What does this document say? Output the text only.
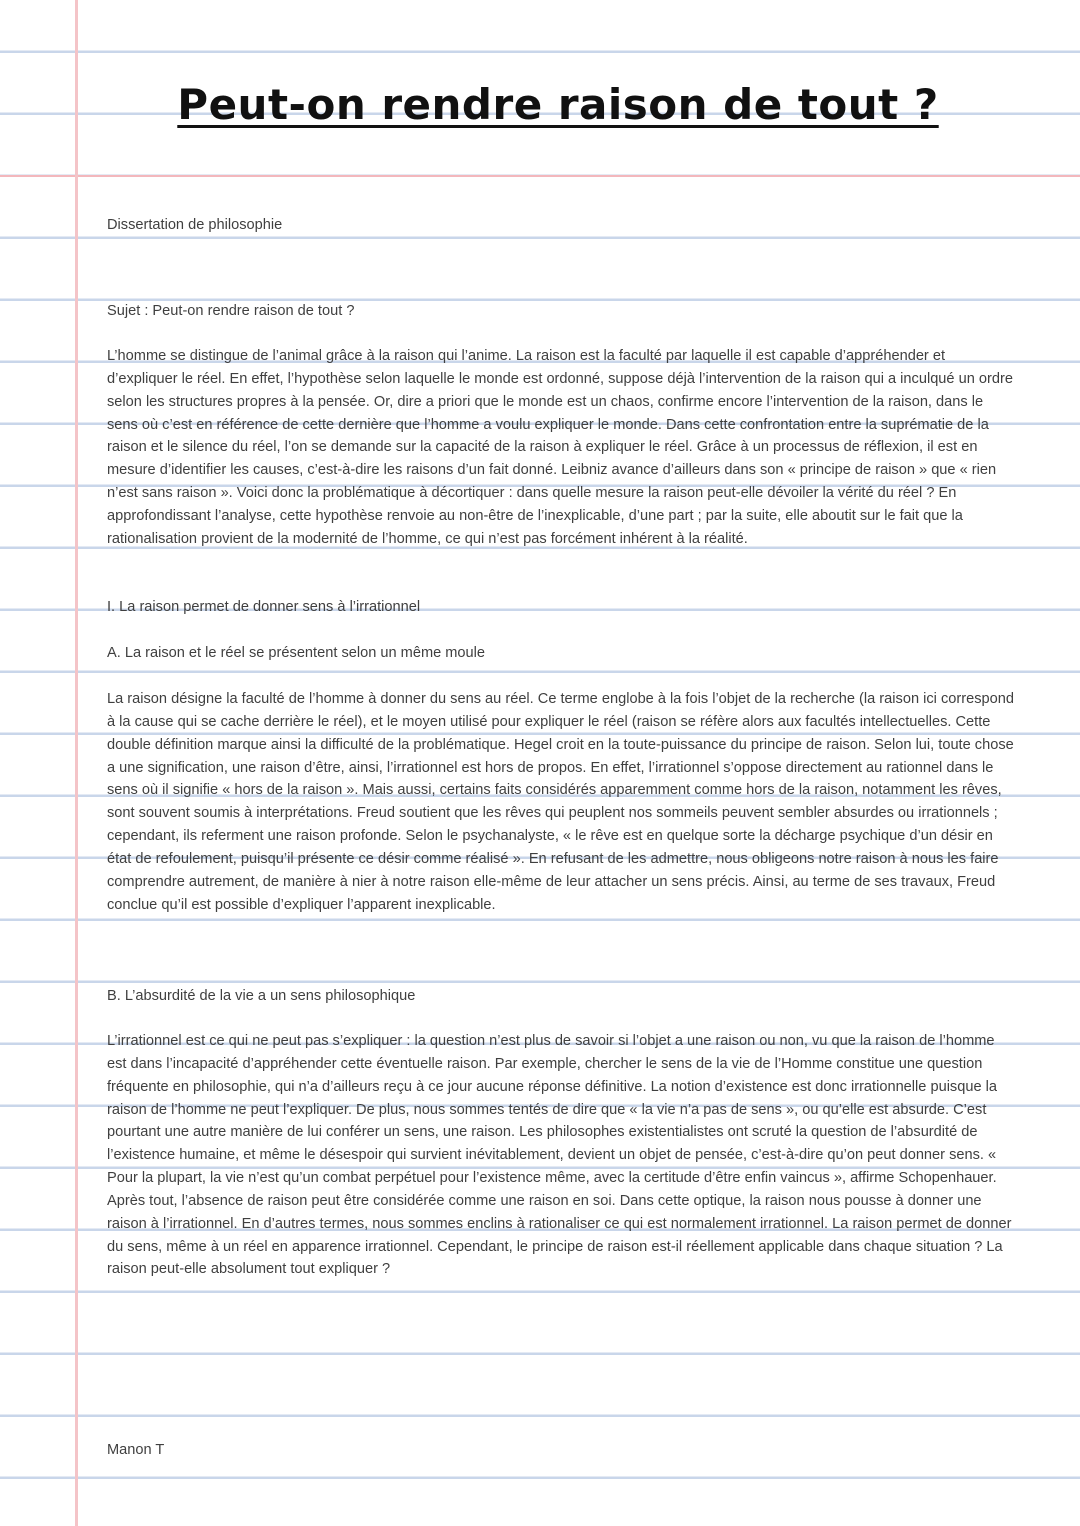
Peut-on rendre raison de tout ?

Dissertation de philosophie

Sujet : Peut-on rendre raison de tout ?

L’homme se distingue de l’animal grâce à la raison qui l’anime. La raison est la faculté par laquelle il est capable d’appréhender et d’expliquer le réel. En effet, l’hypothèse selon laquelle le monde est ordonné, suppose déjà l’intervention de la raison qui a inculqué un ordre selon les structures propres à la pensée. Or, dire a priori que le monde est un chaos, confirme encore l’intervention de la raison, dans le sens où c’est en référence de cette dernière que l’homme a voulu expliquer le monde. Dans cette confrontation entre la suprématie de la raison et le silence du réel, l’on se demande sur la capacité de la raison à expliquer le réel. Grâce à un processus de réflexion, il est en mesure d’identifier les causes, c’est-à-dire les raisons d’un fait donné. Leibniz avance d’ailleurs dans son « principe de raison » que « rien n’est sans raison ». Voici donc la problématique à décortiquer : dans quelle mesure la raison peut-elle dévoiler la vérité du réel ? En approfondissant l’analyse, cette hypothèse renvoie au non-être de l’inexplicable, d’une part ; par la suite, elle aboutit sur le fait que la rationalisation provient de la modernité de l’homme, ce qui n’est pas forcément inhérent à la réalité.

I. La raison permet de donner sens à l’irrationnel

A. La raison et le réel se présentent selon un même moule

La raison désigne la faculté de l’homme à donner du sens au réel. Ce terme englobe à la fois l’objet de la recherche (la raison ici correspond à la cause qui se cache derrière le réel), et le moyen utilisé pour expliquer le réel (raison se réfère alors aux facultés intellectuelles. Cette double définition marque ainsi la difficulté de la problématique. Hegel croit en la toute-puissance du principe de raison. Selon lui, toute chose a une signification, une raison d’être, ainsi, l’irrationnel est hors de propos. En effet, l’irrationnel s’oppose directement au rationnel dans le sens où il signifie « hors de la raison ». Mais aussi, certains faits considérés apparemment comme hors de la raison, notamment les rêves, sont souvent soumis à interprétations. Freud soutient que les rêves qui peuplent nos sommeils peuvent sembler absurdes ou irrationnels ; cependant, ils referment une raison profonde. Selon le psychanalyste, « le rêve est en quelque sorte la décharge psychique d’un désir en état de refoulement, puisqu’il présente ce désir comme réalisé ». En refusant de les admettre, nous obligeons notre raison à nous les faire comprendre autrement, de manière à nier à notre raison elle-même de leur attacher un sens précis. Ainsi, au terme de ses travaux, Freud conclue qu’il est possible d’expliquer l’apparent inexplicable.

B. L’absurdité de la vie a un sens philosophique

L’irrationnel est ce qui ne peut pas s’expliquer : la question n’est plus de savoir si l’objet a une raison ou non, vu que la raison de l’homme est dans l’incapacité d’appréhender cette éventuelle raison. Par exemple, chercher le sens de la vie de l’Homme constitue une question fréquente en philosophie, qui n’a d’ailleurs reçu à ce jour aucune réponse définitive. La notion d’existence est donc irrationnelle puisque la raison de l’homme ne peut l’expliquer. De plus, nous sommes tentés de dire que « la vie n’a pas de sens », ou qu’elle est absurde. C’est pourtant une autre manière de lui conférer un sens, une raison. Les philosophes existentialistes ont scruté la question de l’absurdité de l’existence humaine, et même le désespoir qui survient inévitablement, devient un objet de pensée, c’est-à-dire qu’on peut donner sens. « Pour la plupart, la vie n’est qu’un combat perpétuel pour l’existence même, avec la certitude d’être enfin vaincus », affirme Schopenhauer. Après tout, l’absence de raison peut être considérée comme une raison en soi. Dans cette optique, la raison nous pousse à donner une raison à l’irrationnel. En d’autres termes, nous sommes enclins à rationaliser ce qui est normalement irrationnel. La raison permet de donner du sens, même à un réel en apparence irrationnel. Cependant, le principe de raison est-il réellement applicable dans chaque situation ? La raison peut-elle absolument tout expliquer ?

Manon T
